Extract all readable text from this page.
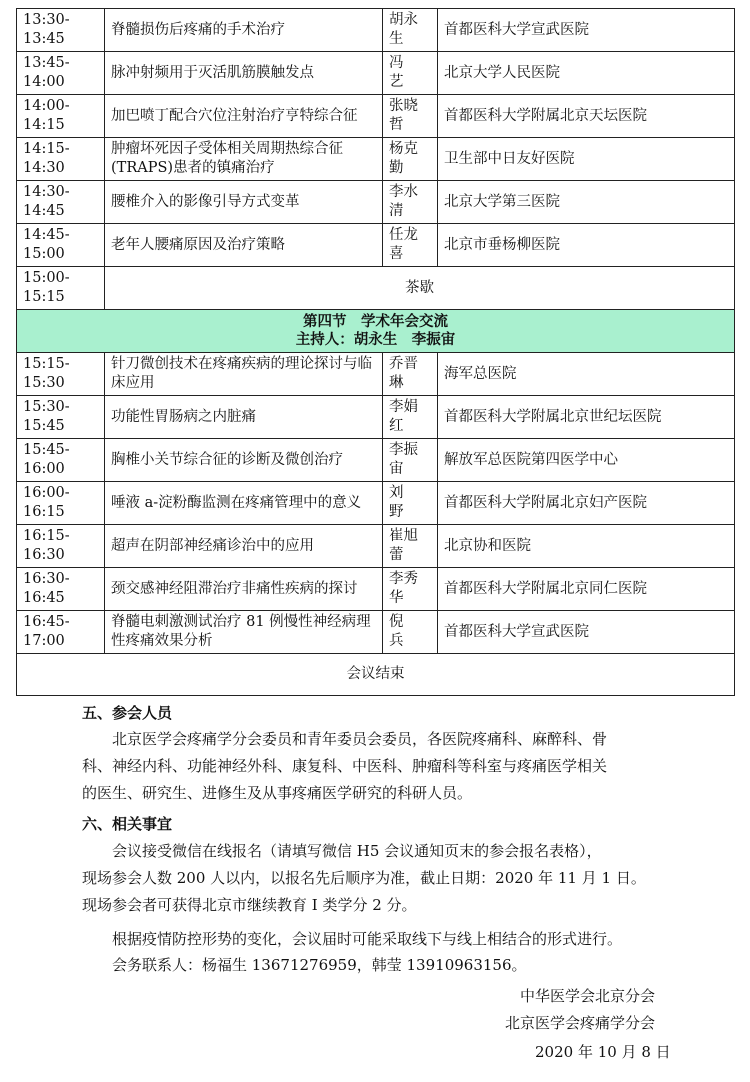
13:30-13:45	脊髓损伤后疼痛的手术治疗	胡永生	首都医科大学宣武医院
13:45-14:00	脉冲射频用于灭活肌筋膜触发点	冯　艺	北京大学人民医院
14:00-14:15	加巴喷丁配合穴位注射治疗亨特综合征	张晓哲	首都医科大学附属北京天坛医院
14:15-14:30	肿瘤坏死因子受体相关周期热综合征(TRAPS)患者的镇痛治疗	杨克勤	卫生部中日友好医院
14:30-14:45	腰椎介入的影像引导方式变革	李水清	北京大学第三医院
14:45-15:00	老年人腰痛原因及治疗策略	任龙喜	北京市垂杨柳医院
15:00-15:15	茶歇		

第四节　学术年会交流
主持人：胡永生　李振宙			

15:15-15:30	针刀微创技术在疼痛疾病的理论探讨与临床应用	乔晋琳	海军总医院
15:30-15:45	功能性胃肠病之内脏痛	李娟红	首都医科大学附属北京世纪坛医院
15:45-16:00	胸椎小关节综合征的诊断及微创治疗	李振宙	解放军总医院第四医学中心
16:00-16:15	唾液 a-淀粉酶监测在疼痛管理中的意义	刘　野	首都医科大学附属北京妇产医院
16:15-16:30	超声在阴部神经痛诊治中的应用	崔旭蕾	北京协和医院
16:30-16:45	颈交感神经阻滞治疗非痛性疾病的探讨	李秀华	首都医科大学附属北京同仁医院
16:45-17:00	脊髓电刺激测试治疗 81 例慢性神经病理性疼痛效果分析	倪　兵	首都医科大学宣武医院
会议结束			
五、参会人员
北京医学会疼痛学分会委员和青年委员会委员，各医院疼痛科、麻醉科、骨
科、神经内科、功能神经外科、康复科、中医科、肿瘤科等科室与疼痛医学相关
的医生、研究生、进修生及从事疼痛医学研究的科研人员。
六、相关事宜
会议接受微信在线报名（请填写微信 H5 会议通知页末的参会报名表格），
现场参会人数 200 人以内，以报名先后顺序为准，截止日期：2020 年 11 月 1 日。
现场参会者可获得北京市继续教育 I 类学分 2 分。
根据疫情防控形势的变化，会议届时可能采取线下与线上相结合的形式进行。
会务联系人：杨福生 13671276959，韩莹 13910963156。
中华医学会北京分会
北京医学会疼痛学分会
2020 年 10 月 8 日
